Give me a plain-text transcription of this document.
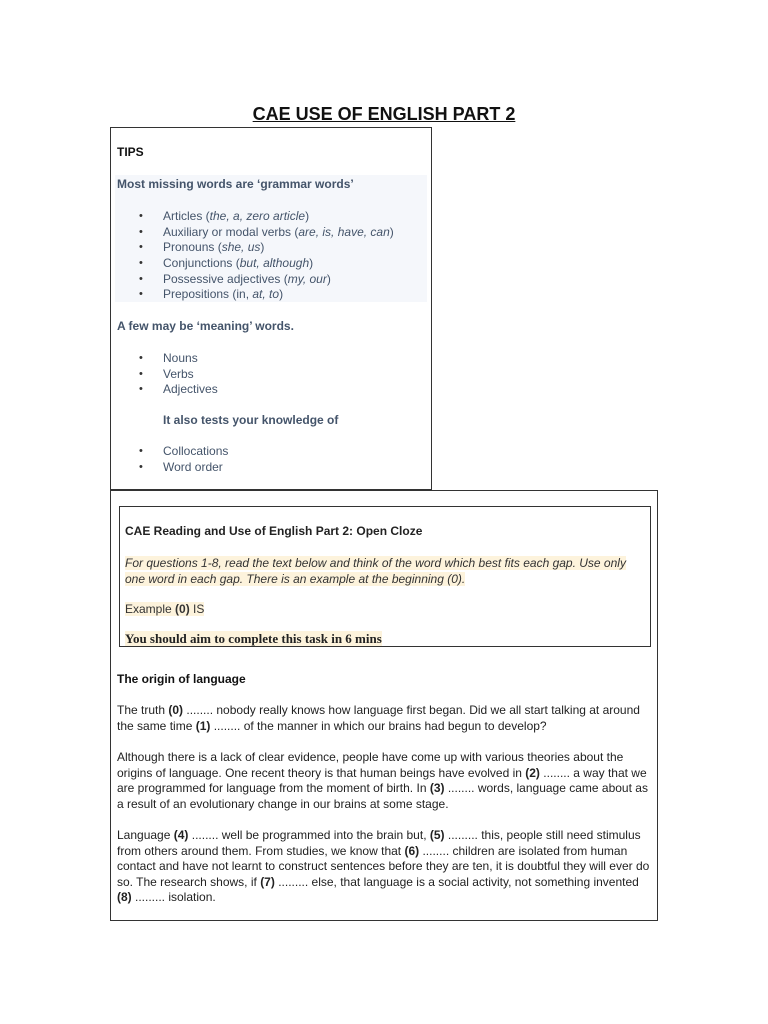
CAE USE OF ENGLISH PART 2
TIPS
Most missing words are ‘grammar words’
• Articles (the, a, zero article)
• Auxiliary or modal verbs (are, is, have, can)
• Pronouns (she, us)
• Conjunctions (but, although)
• Possessive adjectives (my, our)
• Prepositions (in, at, to)
A few may be ‘meaning’ words.
• Nouns
• Verbs
• Adjectives
It also tests your knowledge of
• Collocations
• Word order
CAE Reading and Use of English Part 2: Open Cloze
For questions 1-8, read the text below and think of the word which best fits each gap. Use only
one word in each gap. There is an example at the beginning (0).
Example (0) IS
You should aim to complete this task in 6 mins
The origin of language
The truth (0) ........ nobody really knows how language first began. Did we all start talking at around the same time (1) ........ of the manner in which our brains had begun to develop?
Although there is a lack of clear evidence, people have come up with various theories about the origins of language. One recent theory is that human beings have evolved in (2) ........ a way that we are programmed for language from the moment of birth. In (3) ........ words, language came about as a result of an evolutionary change in our brains at some stage.
Language (4) ........ well be programmed into the brain but, (5) ......... this, people still need stimulus from others around them. From studies, we know that (6) ........ children are isolated from human contact and have not learnt to construct sentences before they are ten, it is doubtful they will ever do so. The research shows, if (7) ......... else, that language is a social activity, not something invented (8) ......... isolation.
